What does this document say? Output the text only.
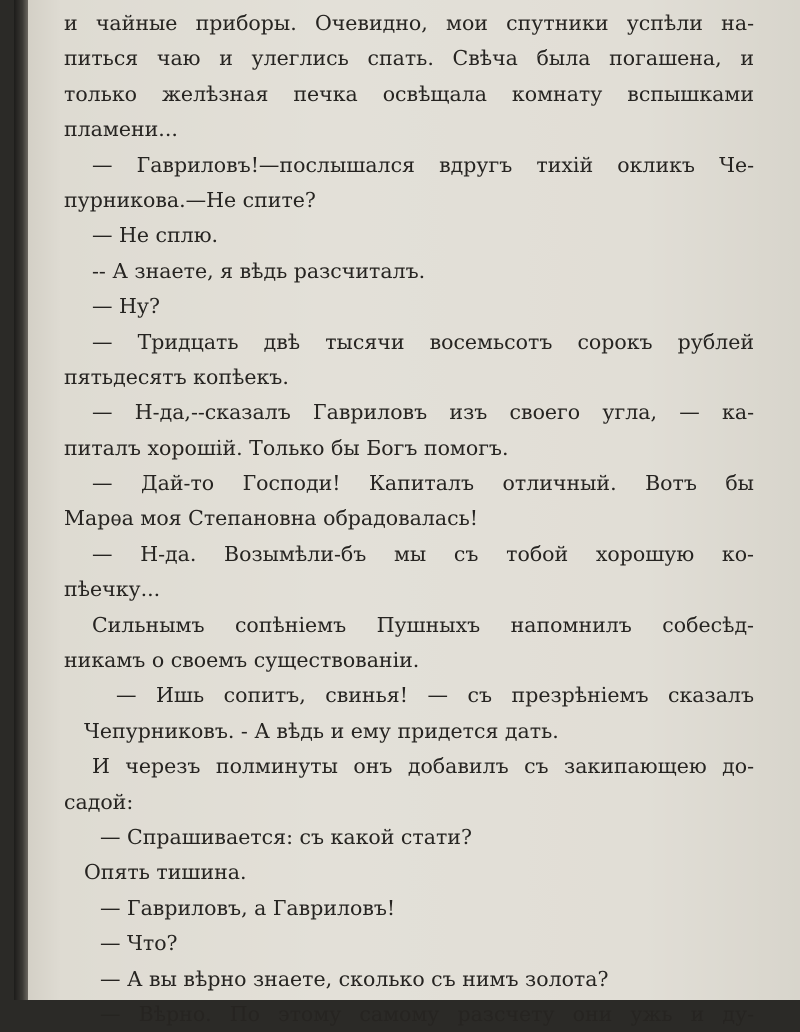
и чайные приборы. Очевидно, мои спутники успѣли на-
питься чаю и улеглись спать. Свѣча была погашена, и
только желѣзная печка освѣщала комнату вспышками
пламени...
— Гавриловъ!—послышался вдругъ тихій окликъ Че-
пурникова.—Не спите?
— Не сплю.
-- А знаете, я вѣдь разсчиталъ.
— Ну?
— Тридцать двѣ тысячи восемьсотъ сорокъ рублей
пятьдесятъ копѣекъ.
— Н-да,--сказалъ Гавриловъ изъ своего угла, — ка-
питалъ хорошій. Только бы Богъ помогъ.
— Дай-то Господи! Капиталъ отличный. Вотъ бы
Марѳа моя Степановна обрадовалась!
— Н-да. Возымѣли-бъ мы съ тобой хорошую ко-
пѣечку...
Сильнымъ сопѣніемъ Пушныхъ напомнилъ собесѣд-
никамъ о своемъ существованіи.
— Ишь сопитъ, свинья! — съ презрѣніемъ сказалъ
Чепурниковъ. - А вѣдь и ему придется дать.
И черезъ полминуты онъ добавилъ съ закипающею до-
садой:
— Спрашивается: съ какой стати?
Опять тишина.
— Гавриловъ, а Гавриловъ!
— Что?
— А вы вѣрно знаете, сколько съ нимъ золота?
— Вѣрно. По этому самому разсчету они ужь и ду-
